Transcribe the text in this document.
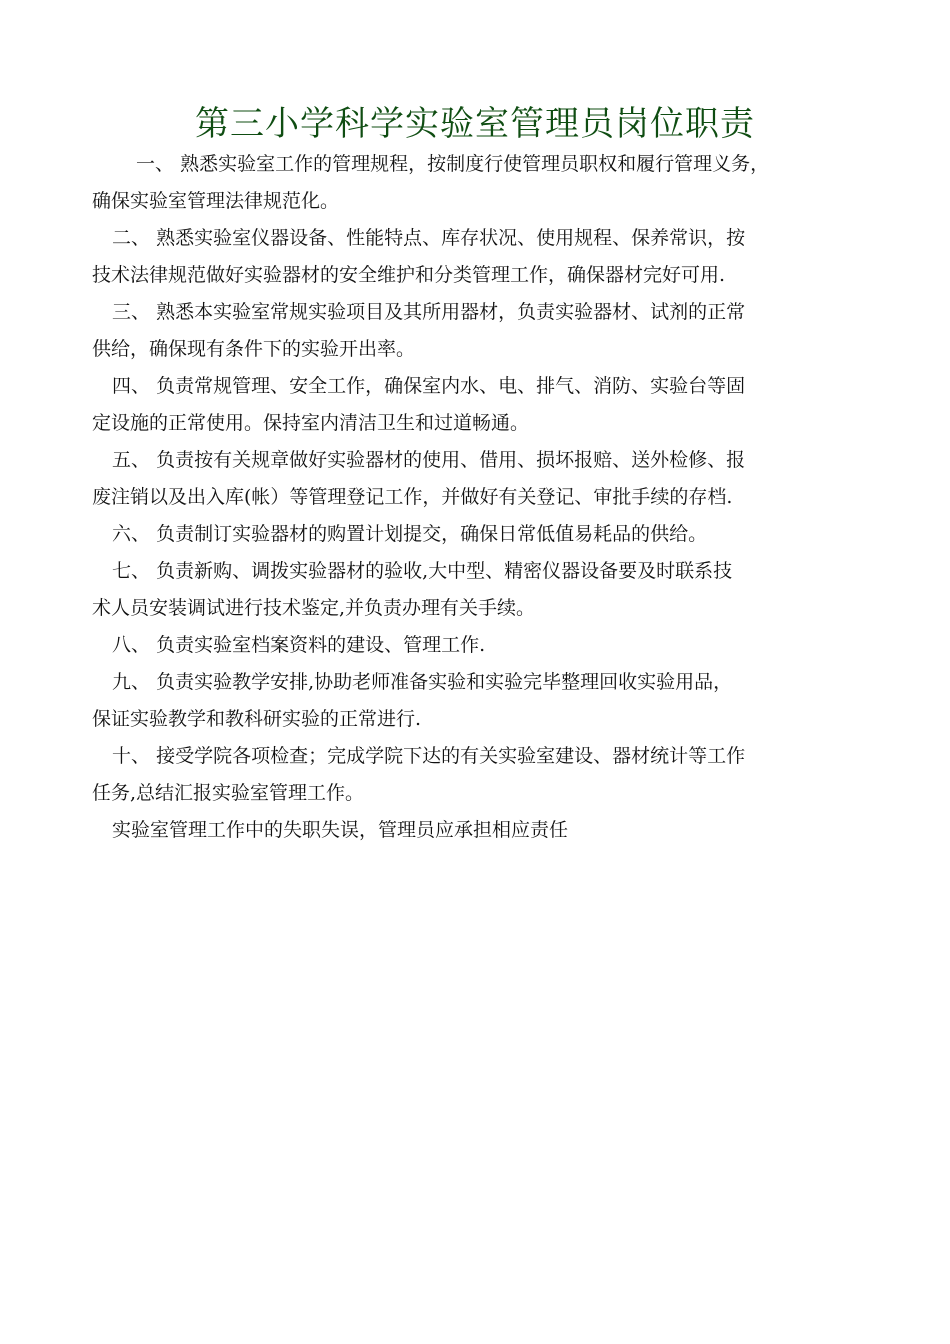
第三小学科学实验室管理员岗位职责
一、 熟悉实验室工作的管理规程，按制度行使管理员职权和履行管理义务，
确保实验室管理法律规范化。
二、 熟悉实验室仪器设备、性能特点、库存状况、使用规程、保养常识，按
技术法律规范做好实验器材的安全维护和分类管理工作，确保器材完好可用.
三、 熟悉本实验室常规实验项目及其所用器材，负责实验器材、试剂的正常
供给，确保现有条件下的实验开出率。
四、 负责常规管理、安全工作，确保室内水、电、排气、消防、实验台等固
定设施的正常使用。保持室内清洁卫生和过道畅通。
五、 负责按有关规章做好实验器材的使用、借用、损坏报赔、送外检修、报
废注销以及出入库(帐）等管理登记工作，并做好有关登记、审批手续的存档.
六、 负责制订实验器材的购置计划提交，确保日常低值易耗品的供给。
七、 负责新购、调拨实验器材的验收,大中型、精密仪器设备要及时联系技
术人员安装调试进行技术鉴定,并负责办理有关手续。
八、 负责实验室档案资料的建设、管理工作.
九、 负责实验教学安排,协助老师准备实验和实验完毕整理回收实验用品，
保证实验教学和教科研实验的正常进行.
十、 接受学院各项检查；完成学院下达的有关实验室建设、器材统计等工作
任务,总结汇报实验室管理工作。
实验室管理工作中的失职失误，管理员应承担相应责任
